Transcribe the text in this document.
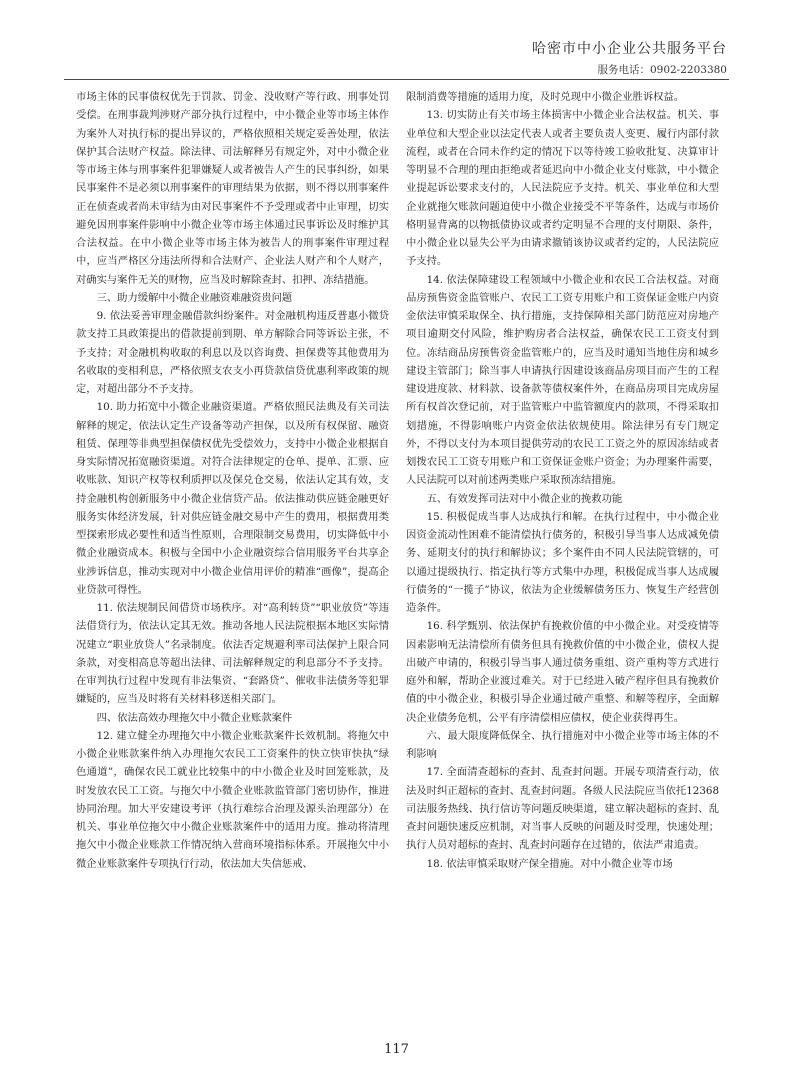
哈密市中小企业公共服务平台
服务电话：0902-2203380

市场主体的民事债权优先于罚款、罚金、没收财产等行政、刑事处罚受偿。在刑事裁判涉财产部分执行过程中，中小微企业等市场主体作为案外人对执行标的提出异议的，严格依照相关规定妥善处理，依法保护其合法财产权益。除法律、司法解释另有规定外，对中小微企业等市场主体与刑事案件犯罪嫌疑人或者被告人产生的民事纠纷，如果民事案件不是必须以刑事案件的审理结果为依据，则不得以刑事案件正在侦查或者尚未审结为由对民事案件不予受理或者中止审理，切实避免因刑事案件影响中小微企业等市场主体通过民事诉讼及时维护其合法权益。在中小微企业等市场主体为被告人的刑事案件审理过程中，应当严格区分违法所得和合法财产、企业法人财产和个人财产，对确实与案件无关的财物，应当及时解除查封、扣押、冻结措施。

三、助力缓解中小微企业融资难融资贵问题

9. 依法妥善审理金融借款纠纷案件。对金融机构违反普惠小微贷款支持工具政策提出的借款提前到期、单方解除合同等诉讼主张，不予支持；对金融机构收取的利息以及以咨询费、担保费等其他费用为名收取的变相利息，严格依照支农支小再贷款信贷优惠利率政策的规定，对超出部分不予支持。

10. 助力拓宽中小微企业融资渠道。严格依照民法典及有关司法解释的规定，依法认定生产设备等动产担保，以及所有权保留、融资租赁、保理等非典型担保债权优先受偿效力，支持中小微企业根据自身实际情况拓宽融资渠道。对符合法律规定的仓单、提单、汇票、应收账款、知识产权等权利质押以及保兑仓交易，依法认定其有效，支持金融机构创新服务中小微企业信贷产品。依法推动供应链金融更好服务实体经济发展，针对供应链金融交易中产生的费用，根据费用类型探索形成必要性和适当性原则，合理限制交易费用，切实降低中小微企业融资成本。积极与全国中小企业融资综合信用服务平台共享企业涉诉信息，推动实现对中小微企业信用评价的精准“画像”，提高企业贷款可得性。

11. 依法规制民间借贷市场秩序。对“高利转贷”“职业放贷”等违法借贷行为，依法认定其无效。推动各地人民法院根据本地区实际情况建立“职业放贷人”名录制度。依法否定规避利率司法保护上限合同条款，对变相高息等超出法律、司法解释规定的利息部分不予支持。在审判执行过程中发现有非法集资、“套路贷”、催收非法债务等犯罪嫌疑的，应当及时将有关材料移送相关部门。

四、依法高效办理拖欠中小微企业账款案件

12. 建立健全办理拖欠中小微企业账款案件长效机制。将拖欠中小微企业账款案件纳入办理拖欠农民工工资案件的快立快审快执“绿色通道”，确保农民工就业比较集中的中小微企业及时回笼账款，及时发放农民工工资。与拖欠中小微企业账款监管部门密切协作，推进协同治理。加大平安建设考评（执行难综合治理及源头治理部分）在机关、事业单位拖欠中小微企业账款案件中的适用力度。推动将清理拖欠中小微企业账款工作情况纳入营商环境指标体系。开展拖欠中小微企业账款案件专项执行行动，依法加大失信惩戒、

限制消费等措施的适用力度，及时兑现中小微企业胜诉权益。

13. 切实防止有关市场主体损害中小微企业合法权益。机关、事业单位和大型企业以法定代表人或者主要负责人变更、履行内部付款流程，或者在合同未作约定的情况下以等待竣工验收批复、决算审计等明显不合理的理由拒绝或者延迟向中小微企业支付账款，中小微企业提起诉讼要求支付的，人民法院应予支持。机关、事业单位和大型企业就拖欠账款问题迫使中小微企业接受不平等条件，达成与市场价格明显背离的以物抵债协议或者约定明显不合理的支付期限、条件，中小微企业以显失公平为由请求撤销该协议或者约定的，人民法院应予支持。

14. 依法保障建设工程领域中小微企业和农民工合法权益。对商品房预售资金监管账户、农民工工资专用账户和工资保证金账户内资金依法审慎采取保全、执行措施，支持保障相关部门防范应对房地产项目逾期交付风险，维护购房者合法权益，确保农民工工资支付到位。冻结商品房预售资金监管账户的，应当及时通知当地住房和城乡建设主管部门；除当事人申请执行因建设该商品房项目而产生的工程建设进度款、材料款、设备款等债权案件外，在商品房项目完成房屋所有权首次登记前，对于监管账户中监管额度内的款项，不得采取扣划措施，不得影响账户内资金依法依规使用。除法律另有专门规定外，不得以支付为本项目提供劳动的农民工工资之外的原因冻结或者划拨农民工工资专用账户和工资保证金账户资金；为办理案件需要，人民法院可以对前述两类账户采取预冻结措施。

五、有效发挥司法对中小微企业的挽救功能

15. 积极促成当事人达成执行和解。在执行过程中，中小微企业因资金流动性困难不能清偿执行债务的，积极引导当事人达成减免债务、延期支付的执行和解协议；多个案件由不同人民法院管辖的，可以通过提级执行、指定执行等方式集中办理，积极促成当事人达成履行债务的“一揽子”协议，依法为企业缓解债务压力、恢复生产经营创造条件。

16. 科学甄别、依法保护有挽救价值的中小微企业。对受疫情等因素影响无法清偿所有债务但具有挽救价值的中小微企业，债权人提出破产申请的，积极引导当事人通过债务重组、资产重构等方式进行庭外和解，帮助企业渡过难关。对于已经进入破产程序但具有挽救价值的中小微企业，积极引导企业通过破产重整、和解等程序，全面解决企业债务危机，公平有序清偿相应债权，使企业获得再生。

六、最大限度降低保全、执行措施对中小微企业等市场主体的不利影响

17. 全面清查超标的查封、乱查封问题。开展专项清查行动，依法及时纠正超标的查封、乱查封问题。各级人民法院应当依托12368 司法服务热线、执行信访等问题反映渠道，建立解决超标的查封、乱查封问题快速反应机制，对当事人反映的问题及时受理，快速处理；执行人员对超标的查封、乱查封问题存在过错的，依法严肃追责。

18. 依法审慎采取财产保全措施。对中小微企业等市场

117
